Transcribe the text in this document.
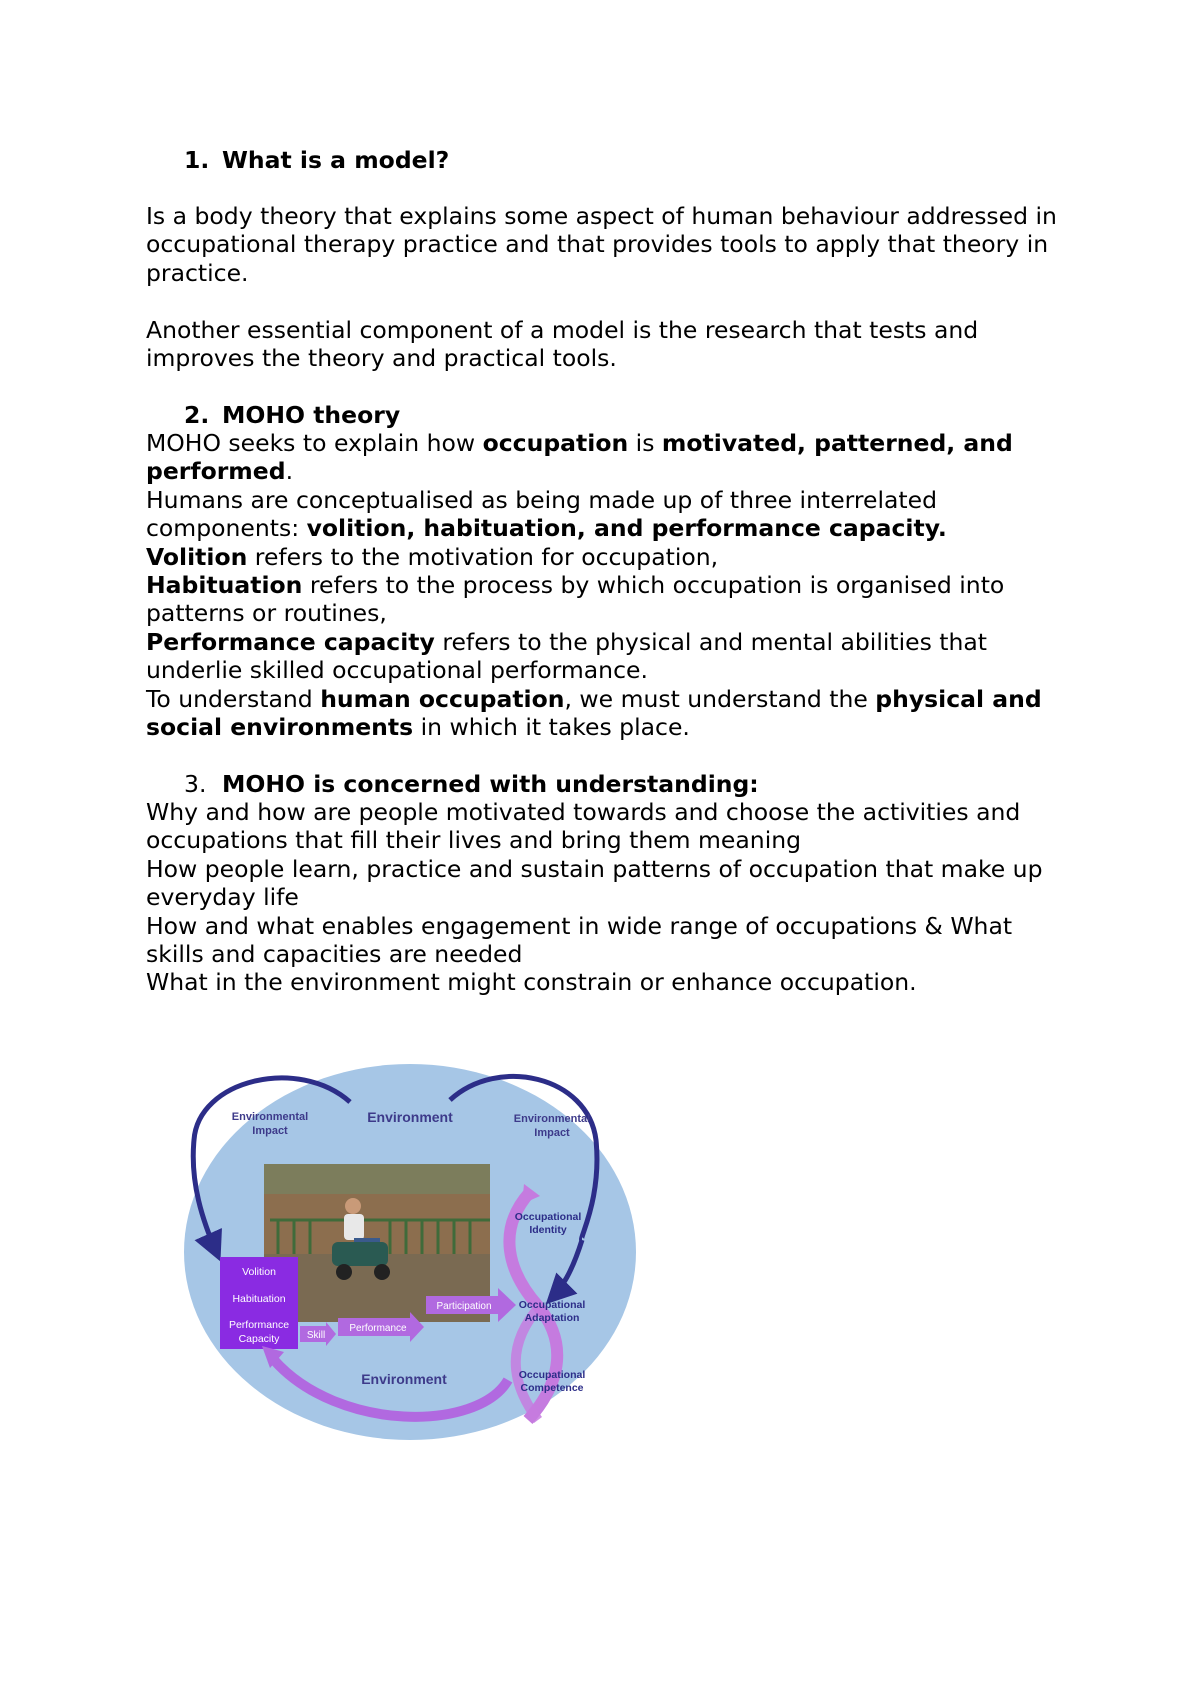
1. What is a model?

Is a body theory that explains some aspect of human behaviour addressed in occupational therapy practice and that provides tools to apply that theory in practice.

Another essential component of a model is the research that tests and improves the theory and practical tools.

2. MOHO theory

MOHO seeks to explain how occupation is motivated, patterned, and performed.

Humans are conceptualised as being made up of three interrelated components: volition, habituation, and performance capacity.

Volition refers to the motivation for occupation,

Habituation refers to the process by which occupation is organised into patterns or routines,

Performance capacity refers to the physical and mental abilities that underlie skilled occupational performance.

To understand human occupation, we must understand the physical and social environments in which it takes place.

3. MOHO is concerned with understanding:

Why and how are people motivated towards and choose the activities and occupations that fill their lives and bring them meaning

How people learn, practice and sustain patterns of occupation that make up everyday life

How and what enables engagement in wide range of occupations & What skills and capacities are needed

What in the environment might constrain or enhance occupation.

Environment
Environmental
Impact
Environmental
Impact
Volition
Habituation
Performance
Capacity	Skill
Performance
Participation
Environment
Occupational
Identity
Occupational
Adaptation
Occupational
Competence
